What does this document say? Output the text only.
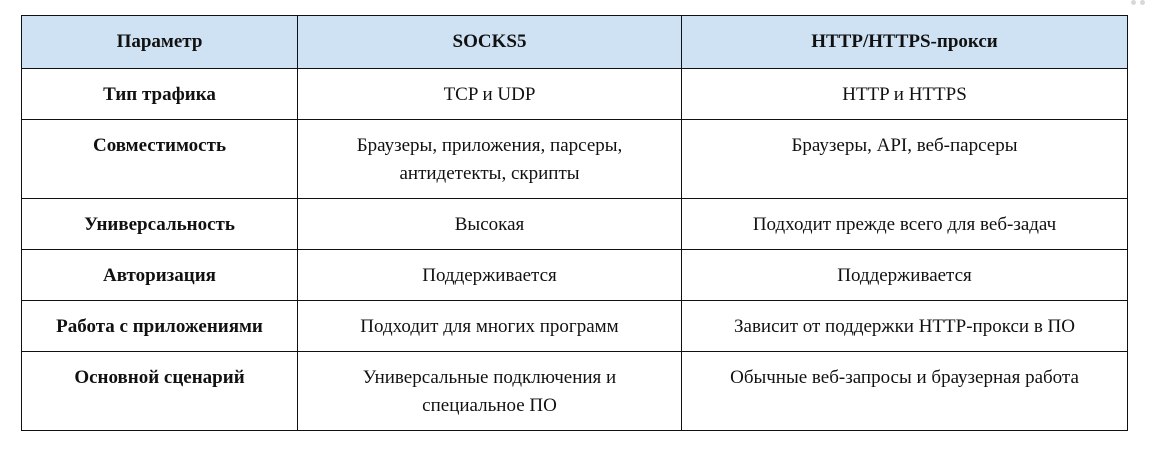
Параметр	SOCKS5	HTTP/HTTPS-прокси
Тип трафика	TCP и UDP	HTTP и HTTPS
Совместимость	Браузеры, приложения, парсеры, антидетекты, скрипты	Браузеры, API, веб-парсеры
Универсальность	Высокая	Подходит прежде всего для веб-задач
Авторизация	Поддерживается	Поддерживается
Работа с приложениями	Подходит для многих программ	Зависит от поддержки HTTP-прокси в ПО
Основной сценарий	Универсальные подключения и специальное ПО	Обычные веб-запросы и браузерная работа
